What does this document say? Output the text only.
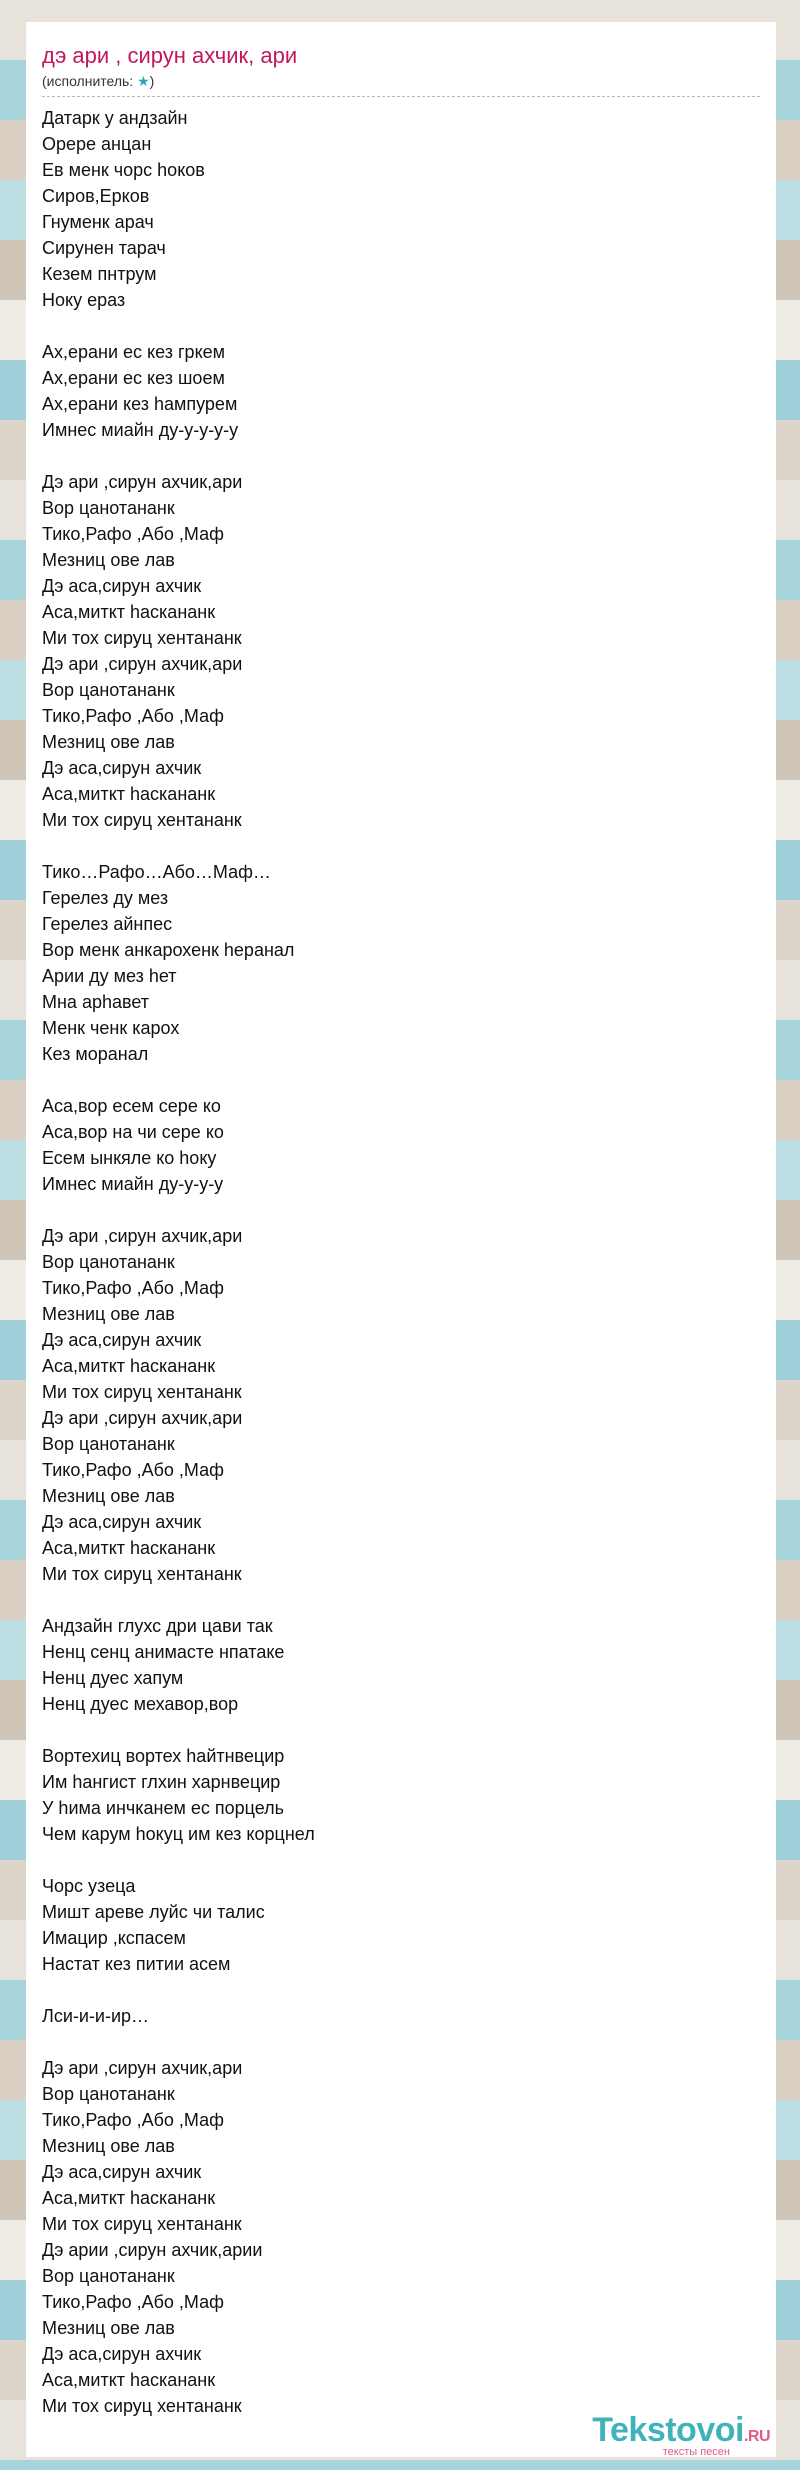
дэ ари , сирун ахчик, ари
(исполнитель: ★)
Датарк у андзайн
Орере анцан
Ев менк чорс hоков
Сиров,Ерков
Гнуменк арач
Сирунен тарач
Кезем пнтрум
Ноку ераз

Ах,ерани ес кез гркем
Ах,ерани ес кез шоем
Ах,ерани кез hампурем
Имнес миайн ду-у-у-у-у

Дэ ари ,сирун ахчик,ари
Вор цанотананк
Тико,Рафо ,Або ,Маф
Мезниц ове лав
Дэ аса,сирун ахчик
Аса,миткт hаскананк
Ми тох сируц хентананк
Дэ ари ,сирун ахчик,ари
Вор цанотананк
Тико,Рафо ,Або ,Маф
Мезниц ове лав
Дэ аса,сирун ахчик
Аса,миткт hаскананк
Ми тох сируц хентананк

Тико…Рафо…Або…Маф…
Герелез ду мез
Герелез айнпес
Вор менк анкарохенк hеранал
Арии ду мез hет
Мна арhавет
Менк ченк карох
Кез моранал

Аса,вор есем сере ко
Аса,вор на чи сере ко
Есем ынкяле ко hоку
Имнес миайн ду-у-у-у

Дэ ари ,сирун ахчик,ари
Вор цанотананк
Тико,Рафо ,Або ,Маф
Мезниц ове лав
Дэ аса,сирун ахчик
Аса,миткт hаскананк
Ми тох сируц хентананк
Дэ ари ,сирун ахчик,ари
Вор цанотананк
Тико,Рафо ,Або ,Маф
Мезниц ове лав
Дэ аса,сирун ахчик
Аса,миткт hаскананк
Ми тох сируц хентананк

Андзайн глухс дри цави так
Ненц сенц анимасте нпатаке
Ненц дуес хапум
Ненц дуес мехавор,вор

Вортехиц вортех hайтнвецир
Им hангист глхин харнвецир
У hима инчканем ес порцель
Чем карум hокуц им кез корцнел

Чорс узеца
Мишт ареве луйс чи талис
Имацир ,кспасем
Настат кез питии асем

Лси-и-и-ир…

Дэ ари ,сирун ахчик,ари
Вор цанотананк
Тико,Рафо ,Або ,Маф
Мезниц ове лав
Дэ аса,сирун ахчик
Аса,миткт hаскананк
Ми тох сируц хентананк
Дэ арии ,сирун ахчик,арии
Вор цанотананк
Тико,Рафо ,Або ,Маф
Мезниц ове лав
Дэ аса,сирун ахчик
Аса,миткт hаскананк
Ми тох сируц хентананк
Tekstovoi.RU
тексты песен
